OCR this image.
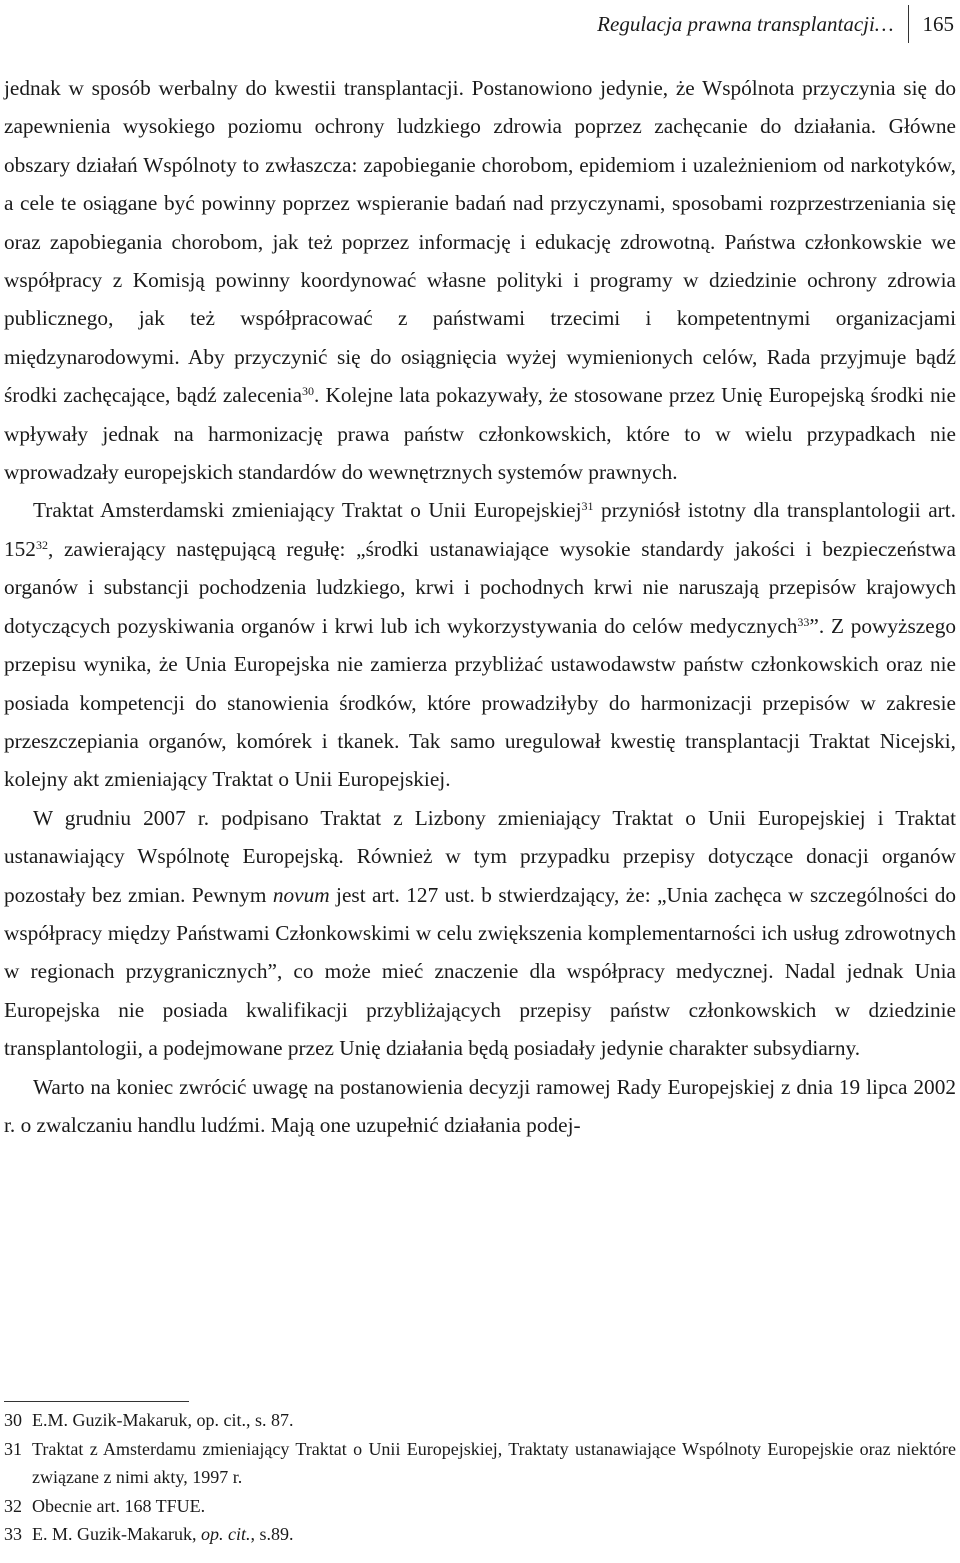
Regulacja prawna transplantacji…	165

jednak w sposób werbalny do kwestii transplantacji. Postanowiono jedynie, że Wspólnota przyczynia się do zapewnienia wysokiego poziomu ochrony ludzkiego zdrowia poprzez zachęcanie do działania. Główne obszary działań Wspólnoty to zwłaszcza: zapobieganie chorobom, epidemiom i uzależnieniom od narkotyków, a cele te osiągane być powinny poprzez wspieranie badań nad przyczynami, sposobami rozprzestrzeniania się oraz zapobiegania chorobom, jak też poprzez informację i edukację zdrowotną. Państwa członkowskie we współpracy z Komisją powinny koordynować własne polityki i programy w dziedzinie ochrony zdrowia publicznego, jak też współpracować z państwami trzecimi i kompetentnymi organizacjami międzynarodowymi. Aby przyczynić się do osiągnięcia wyżej wymienionych celów, Rada przyjmuje bądź środki zachęcające, bądź zalecenia$^{30}$. Kolejne lata pokazywały, że stosowane przez Unię Europejską środki nie wpływały jednak na harmonizację prawa państw członkowskich, które to w wielu przypadkach nie wprowadzały europejskich standardów do wewnętrznych systemów prawnych.

Traktat Amsterdamski zmieniający Traktat o Unii Europejskiej$^{31}$ przyniósł istotny dla transplantologii art. $152^{32}$, zawierający następującą regułę: „środki ustanawiające wysokie standardy jakości i bezpieczeństwa organów i substancji pochodzenia ludzkiego, krwi i pochodnych krwi nie naruszają przepisów krajowych dotyczących pozyskiwania organów i krwi lub ich wykorzystywania do celów medycznych$^{33}$”. Z powyższego przepisu wynika, że Unia Europejska nie zamierza przybliżać ustawodawstw państw członkowskich oraz nie posiada kompetencji do stanowienia środków, które prowadziłyby do harmonizacji przepisów w zakresie przeszczepiania organów, komórek i tkanek. Tak samo uregulował kwestię transplantacji Traktat Nicejski, kolejny akt zmieniający Traktat o Unii Europejskiej.

W grudniu 2007 r. podpisano Traktat z Lizbony zmieniający Traktat o Unii Europejskiej i Traktat ustanawiający Wspólnotę Europejską. Również w tym przypadku przepisy dotyczące donacji organów pozostały bez zmian. Pewnym novum jest art. 127 ust. b stwierdzający, że: „Unia zachęca w szczególności do współpracy między Państwami Członkowskimi w celu zwiększenia komplementarności ich usług zdrowotnych w regionach przygranicznych”, co może mieć znaczenie dla współpracy medycznej. Nadal jednak Unia Europejska nie posiada kwalifikacji przybliżających przepisy państw członkowskich w dziedzinie transplantologii, a podejmowane przez Unię działania będą posiadały jedynie charakter subsydiarny.

Warto na koniec zwrócić uwagę na postanowienia decyzji ramowej Rady Europejskiej z dnia 19 lipca 2002 r. o zwalczaniu handlu ludźmi. Mają one uzupełnić działania podej-

30 E.M. Guzik-Makaruk, op. cit., s. 87.
31 Traktat z Amsterdamu zmieniający Traktat o Unii Europejskiej, Traktaty ustanawiające Wspólnoty Europejskie oraz niektóre związane z nimi akty, 1997 r.
32 Obecnie art. 168 TFUE.
33 E. M. Guzik-Makaruk, op. cit., s.89.
